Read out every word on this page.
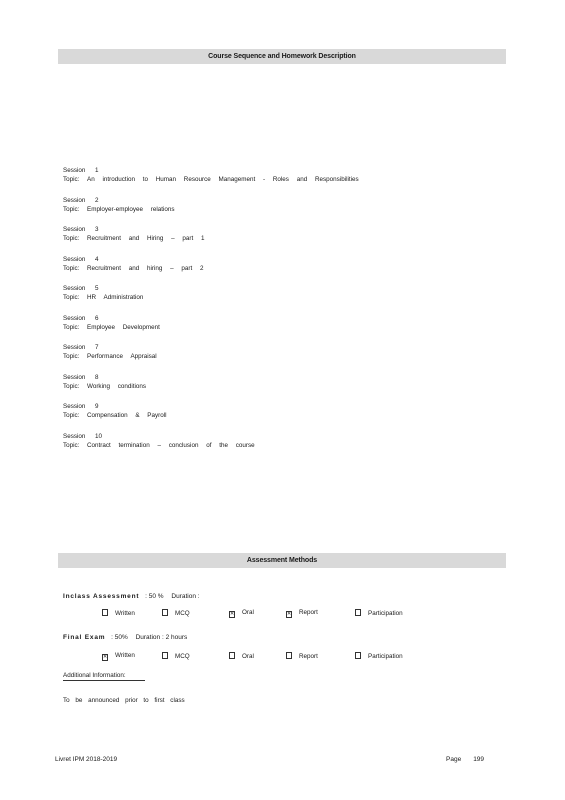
Course Sequence and Homework Description
Session 1
Topic: An introduction to Human Resource Management - Roles and Responsibilities
Session 2
Topic: Employer-employee relations
Session 3
Topic: Recruitment and Hiring – part 1
Session 4
Topic: Recruitment and hiring – part 2
Session 5
Topic: HR Administration
Session 6
Topic: Employee Development
Session 7
Topic: Performance Appraisal
Session 8
Topic: Working conditions
Session 9
Topic: Compensation & Payroll
Session 10
Topic: Contract termination – conclusion of the course
Assessment Methods
Inclass Assessment : 50 % Duration :
Written	MCQ	✕ Oral	✕ Report	Participation
Final Exam : 50% Duration : 2 hours
✕ Written	MCQ	Oral	Report	Participation
Additional Information:
To be announced prior to first class
Livret IPM 2018-2019	Page 199
